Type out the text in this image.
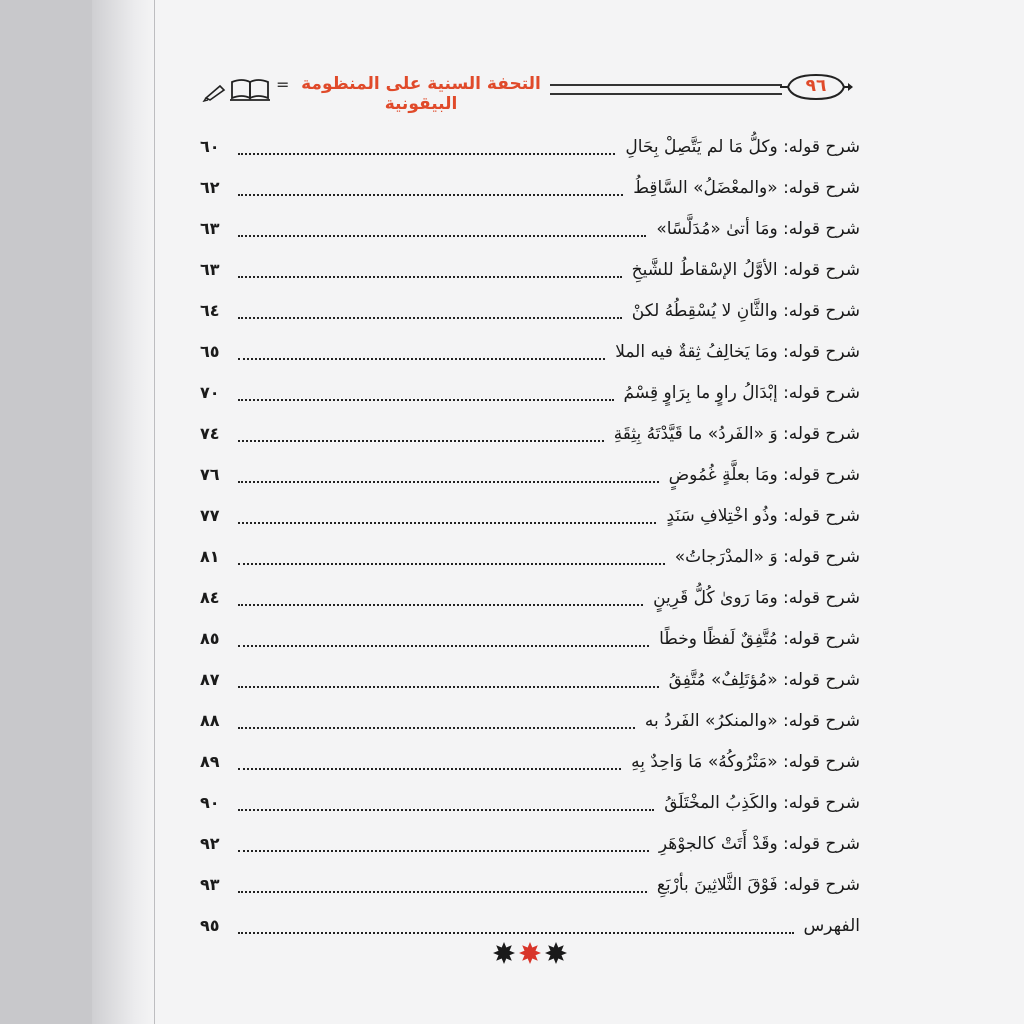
= التحفة السنية على المنظومة البيقونية
٩٦
شرح قوله: وكلُّ مَا لم يَتَّصِلْ بِحَالِ
٦٠
شرح قوله: «والمعْضَلُ» السَّاقِطُ
٦٢
شرح قوله: ومَا أتىٰ «مُدَلَّسًا»
٦٣
شرح قوله: الأوَّلُ الإسْقاطُ للشَّيخِ
٦٣
شرح قوله: والثَّانِ لا يُسْقِطُهُ لكنْ
٦٤
شرح قوله: ومَا يَخالِفُ ثِقةٌ فيه الملا
٦٥
شرح قوله: إبْدَالُ راوٍ ما بِرَاوٍ قِسْمُ
٧٠
شرح قوله: وَ «الفَردُ» ما قَيَّدْتَهُ بِثِقَةِ
٧٤
شرح قوله: ومَا بعلَّةٍ غُمُوضٍ
٧٦
شرح قوله: وذُو اخْتِلافِ سَنَدٍ
٧٧
شرح قوله: وَ «المدْرَجاتُ»
٨١
شرح قوله: ومَا رَوىٰ كُلُّ قَرِينٍ
٨٤
شرح قوله: مُتَّفِقٌ لَفظًا وخطًا
٨٥
شرح قوله: «مُؤتَلِفٌ» مُتَّفِقُ
٨٧
شرح قوله: «والمنكرُ» الفَردُ به
٨٨
شرح قوله: «مَتْرُوكُهُ» مَا وَاحِدٌ بِهِ
٨٩
شرح قوله: والكَذِبُ المخْتَلَقُ
٩٠
شرح قوله: وقَدْ أَتَتْ كالجوْهَرِ
٩٢
شرح قوله: فَوْقَ الثَّلاثِينَ بأرْبَعِ
٩٣
الفهرس
٩٥
